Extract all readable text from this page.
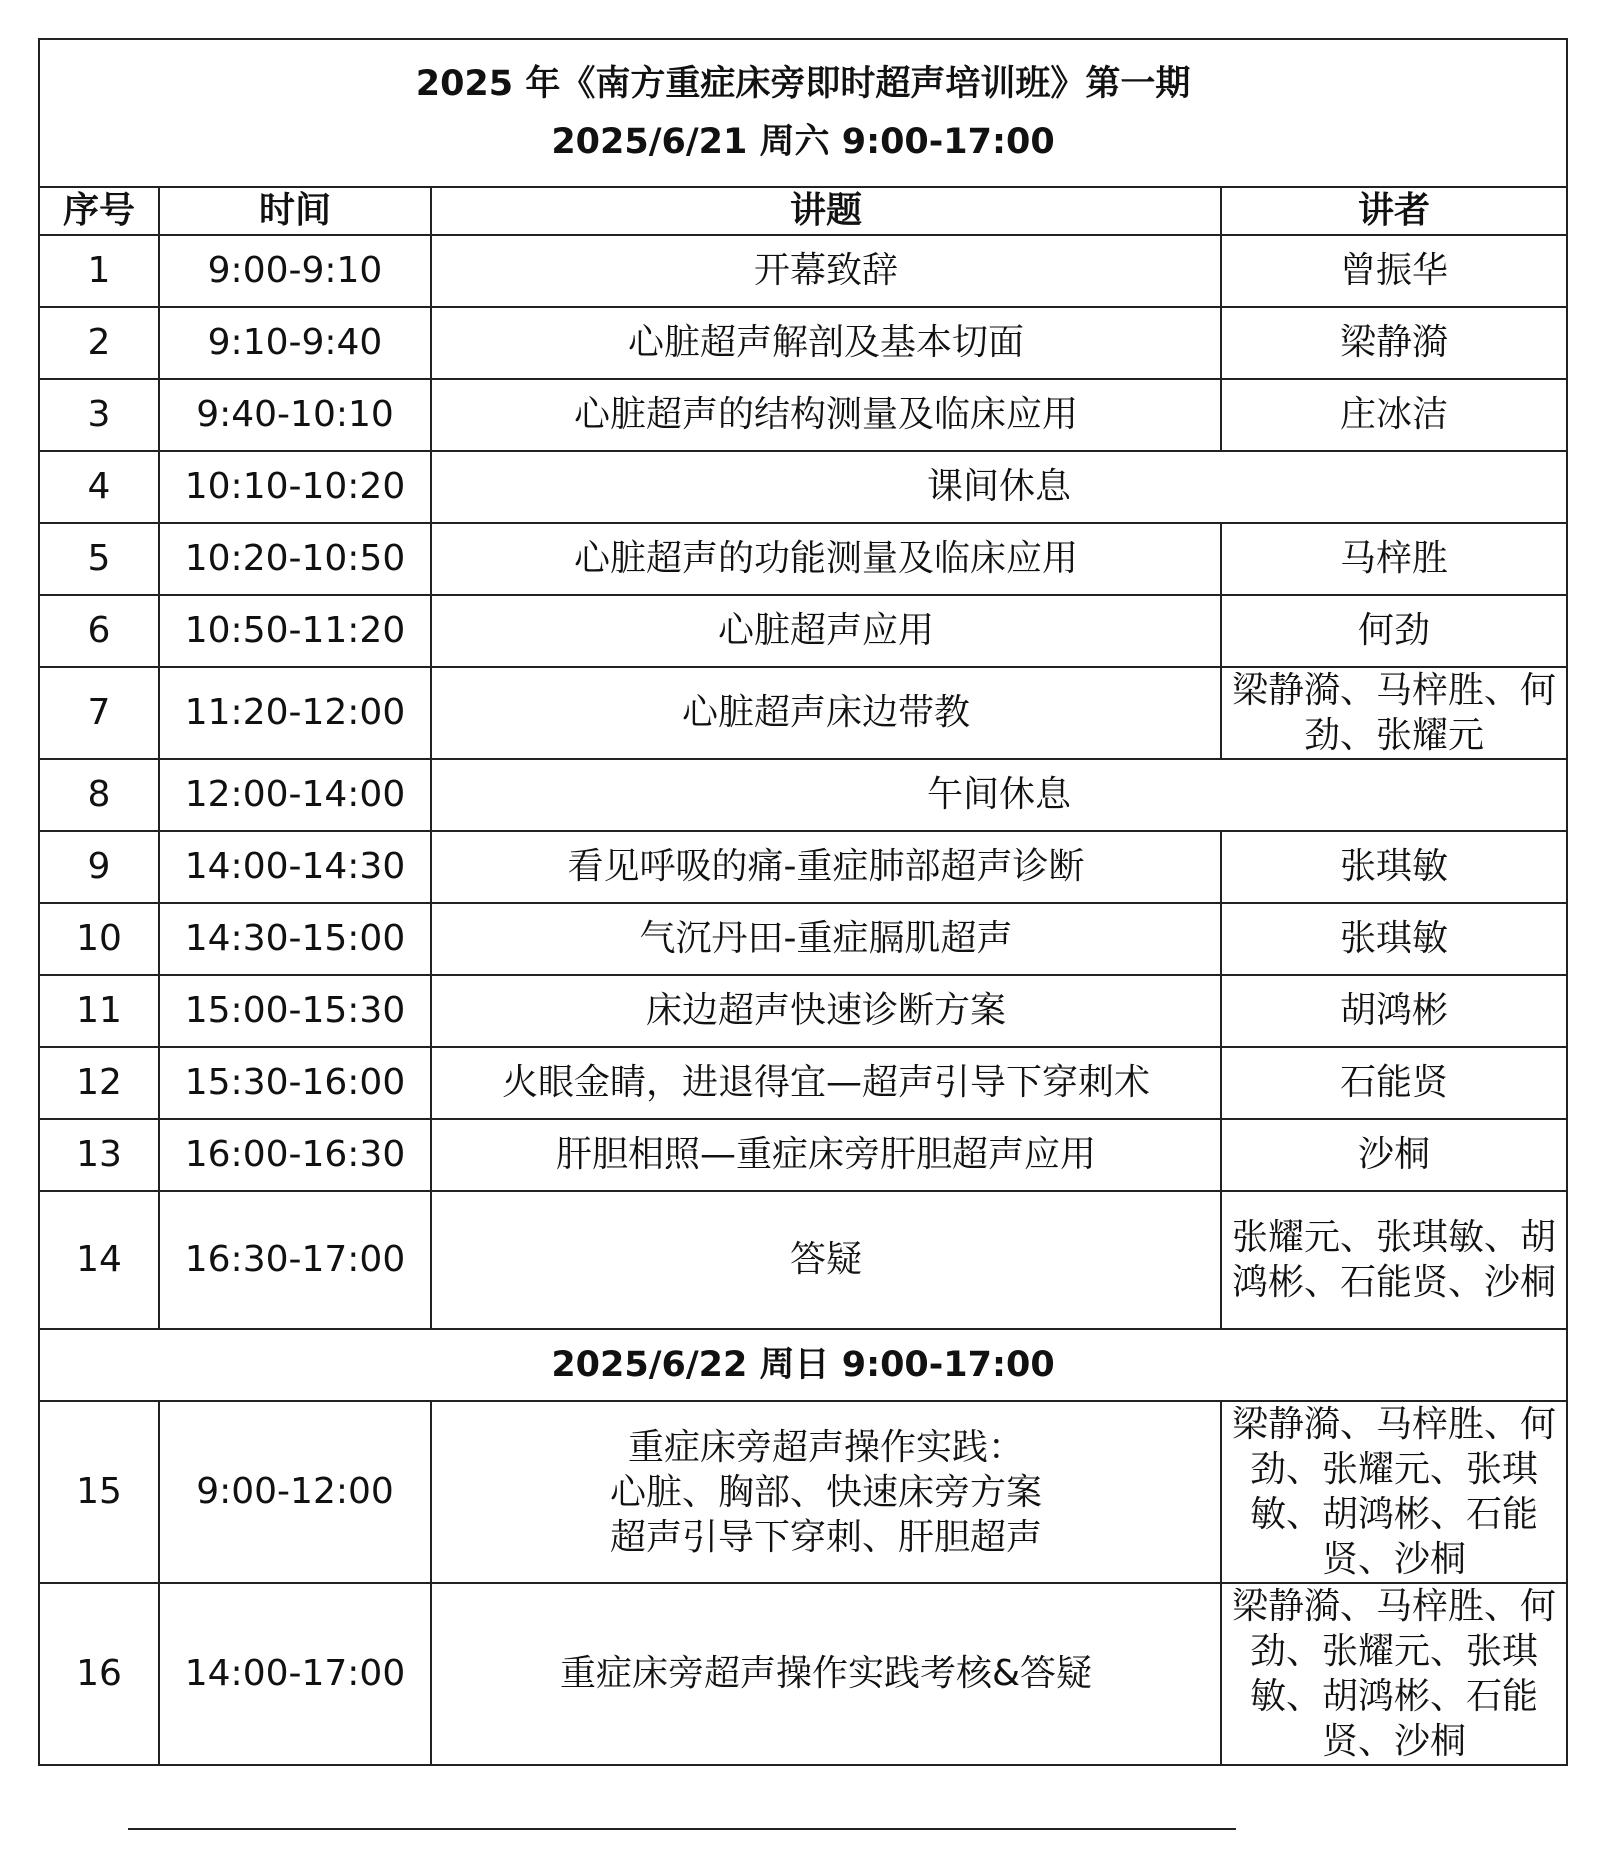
2025 年《南方重症床旁即时超声培训班》第一期
2025/6/21 周六 9:00-17:00			

序号	时间	讲题	讲者
1	9:00-9:10	开幕致辞	曾振华
2	9:10-9:40	心脏超声解剖及基本切面	梁静漪
3	9:40-10:10	心脏超声的结构测量及临床应用	庄冰洁
4	10:10-10:20	课间休息	
5	10:20-10:50	心脏超声的功能测量及临床应用	马梓胜
6	10:50-11:20	心脏超声应用	何劲
7	11:20-12:00	心脏超声床边带教	梁静漪、马梓胜、何劲、张耀元
8	12:00-14:00	午间休息	
9	14:00-14:30	看见呼吸的痛-重症肺部超声诊断	张琪敏
10	14:30-15:00	气沉丹田-重症膈肌超声	张琪敏
11	15:00-15:30	床边超声快速诊断方案	胡鸿彬
12	15:30-16:00	火眼金睛，进退得宜—超声引导下穿刺术	石能贤
13	16:00-16:30	肝胆相照—重症床旁肝胆超声应用	沙桐
14	16:30-17:00	答疑	张耀元、张琪敏、胡鸿彬、石能贤、沙桐
2025/6/22 周日 9:00-17:00			
15	9:00-12:00	重症床旁超声操作实践：
心脏、胸部、快速床旁方案
超声引导下穿刺、肝胆超声	梁静漪、马梓胜、何劲、张耀元、张琪敏、胡鸿彬、石能贤、沙桐
16	14:00-17:00	重症床旁超声操作实践考核&答疑	梁静漪、马梓胜、何劲、张耀元、张琪敏、胡鸿彬、石能贤、沙桐
